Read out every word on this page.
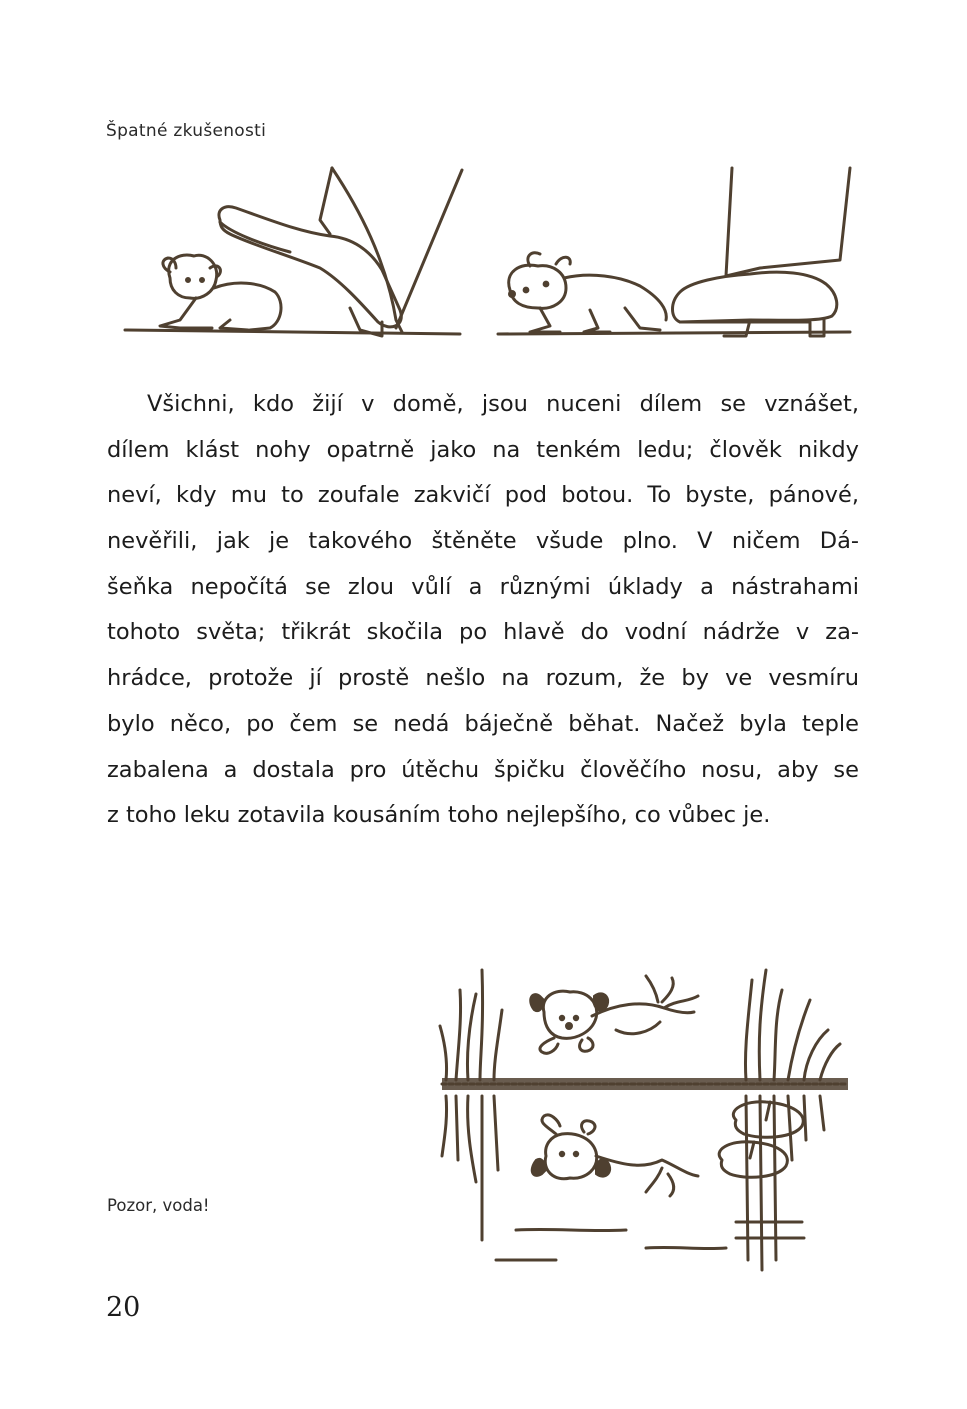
Špatné zkušenosti
Všichni, kdo žijí v domě, jsou nuceni dílem se vznášet,
dílem klást nohy opatrně jako na tenkém ledu; člověk nikdy
neví, kdy mu to zoufale zakvičí pod botou. To byste, pánové,
nevěřili, jak je takového štěněte všude plno. V ničem Dá-
šeňka nepočítá se zlou vůlí a různými úklady a nástrahami
tohoto světa; třikrát skočila po hlavě do vodní nádrže v za-
hrádce, protože jí prostě nešlo na rozum, že by ve vesmíru
bylo něco, po čem se nedá báječně běhat. Načež byla teple
zabalena a dostala pro útěchu špičku člověčího nosu, aby se
z toho leku zotavila kousáním toho nejlepšího, co vůbec je.
Pozor, voda!
20
